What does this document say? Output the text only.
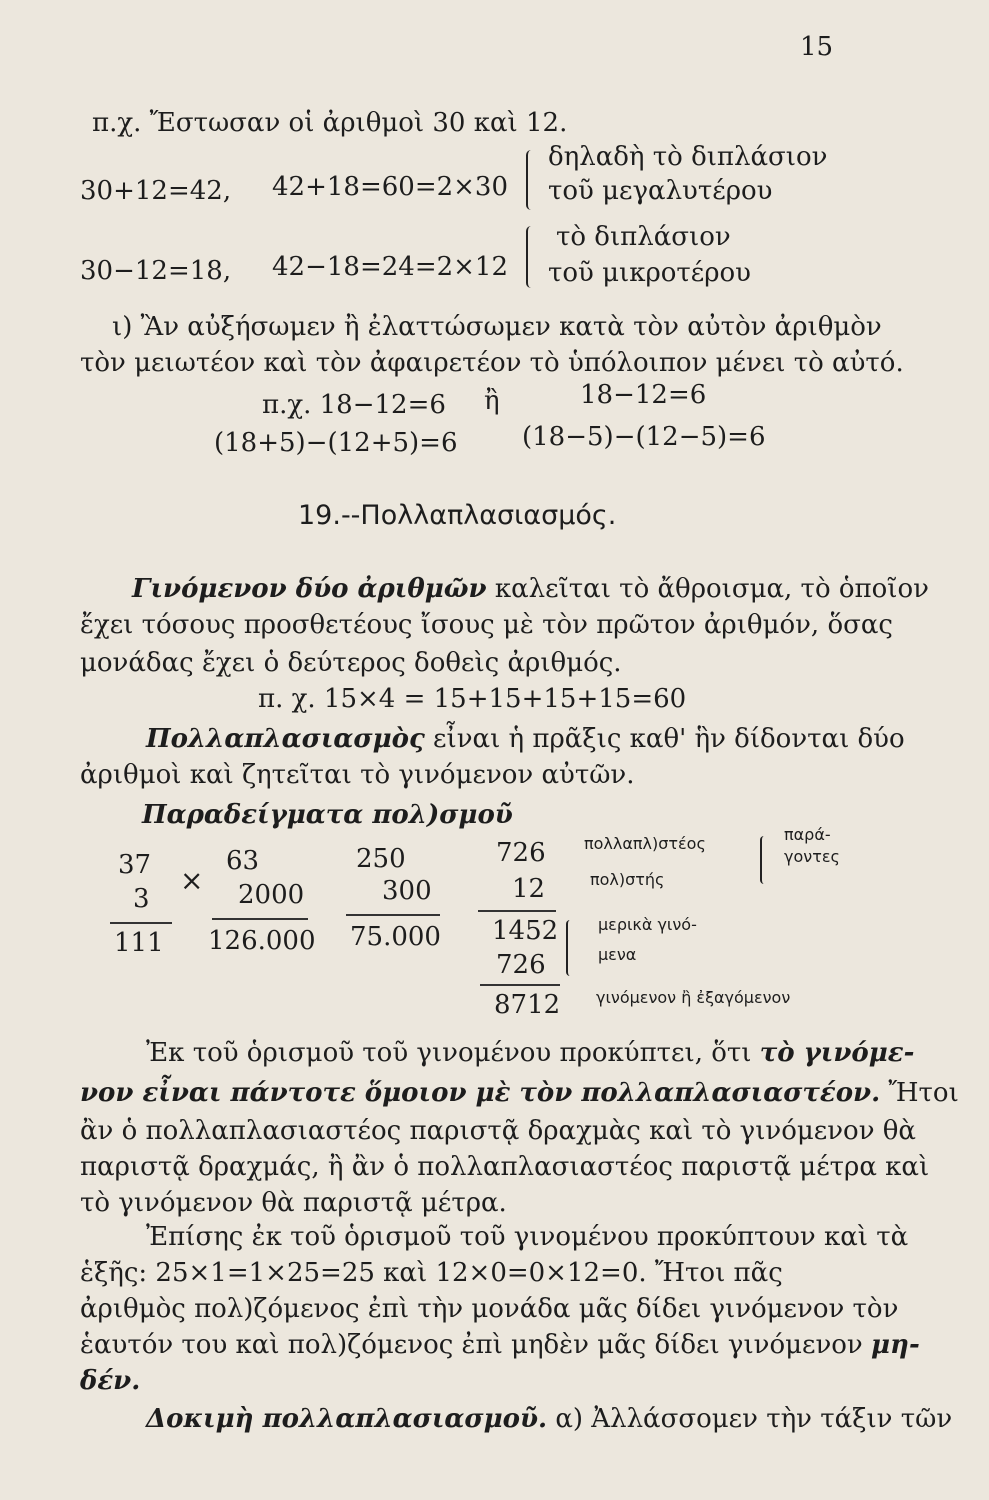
15
π.χ. Ἔστωσαν οἱ ἀριθμοὶ 30 καὶ 12.
30+12=42, 42+18=60=2×30
δηλαδὴ τὸ διπλάσιον
τοῦ μεγαλυτέρου
30−12=18, 42−18=24=2×12
τὸ διπλάσιον
τοῦ μικροτέρου
ι) Ἂν αὐξήσωμεν ἢ ἐλαττώσωμεν κατὰ τὸν αὐτὸν ἀριθμὸν
τὸν μειωτέον καὶ τὸν ἀφαιρετέον τὸ ὑπόλοιπον μένει τὸ αὐτό.
π.χ. 18−12=6 ἢ	18−12=6
(18+5)−(12+5)=6 (18−5)−(12−5)=6
19.--Πολλαπλασιασμός.
Γινόμενον δύο ἀριθμῶν καλεῖται τὸ ἄθροισμα, τὸ ὁποῖον
ἔχει τόσους προσθετέους ἴσους μὲ τὸν πρῶτον ἀριθμόν, ὅσας
μονάδας ἔχει ὁ δεύτερος δοθεὶς ἀριθμός.
π. χ. 15×4 = 15+15+15+15=60
Πολλαπλασιασμὸς εἶναι ἡ πρᾶξις καθ' ἣν δίδονται δύο
ἀριθμοὶ καὶ ζητεῖται τὸ γινόμενον αὐτῶν.
Παραδείγματα πολ)σμοῦ
37
3
×
111
63
2000
126.000
250
300
75.000
726
12
1452
726
8712
πολλαπλ)στέος
πολ)στής
παρά-
γοντες
μερικὰ γινό-
μενα
γινόμενον ἢ ἐξαγόμενον
Ἐκ τοῦ ὁρισμοῦ τοῦ γινομένου προκύπτει, ὅτι τὸ γινόμε-
νον εἶναι πάντοτε ὅμοιον μὲ τὸν πολλαπλασιαστέον. Ἤτοι
ἂν ὁ πολλαπλασιαστέος παριστᾷ δραχμὰς καὶ τὸ γινόμενον θὰ
παριστᾷ δραχμάς, ἢ ἂν ὁ πολλαπλασιαστέος παριστᾷ μέτρα καὶ
τὸ γινόμενον θὰ παριστᾷ μέτρα.
Ἐπίσης ἐκ τοῦ ὁρισμοῦ τοῦ γινομένου προκύπτουν καὶ τὰ
ἑξῆς: 25×1=1×25=25 καὶ 12×0=0×12=0. Ἤτοι πᾶς
ἀριθμὸς πολ)ζόμενος ἐπὶ τὴν μονάδα μᾶς δίδει γινόμενον τὸν
ἑαυτόν του καὶ πολ)ζόμενος ἐπὶ μηδὲν μᾶς δίδει γινόμενον μη-
δέν.
Δοκιμὴ πολλαπλασιασμοῦ. α) Ἀλλάσσομεν τὴν τάξιν τῶν
